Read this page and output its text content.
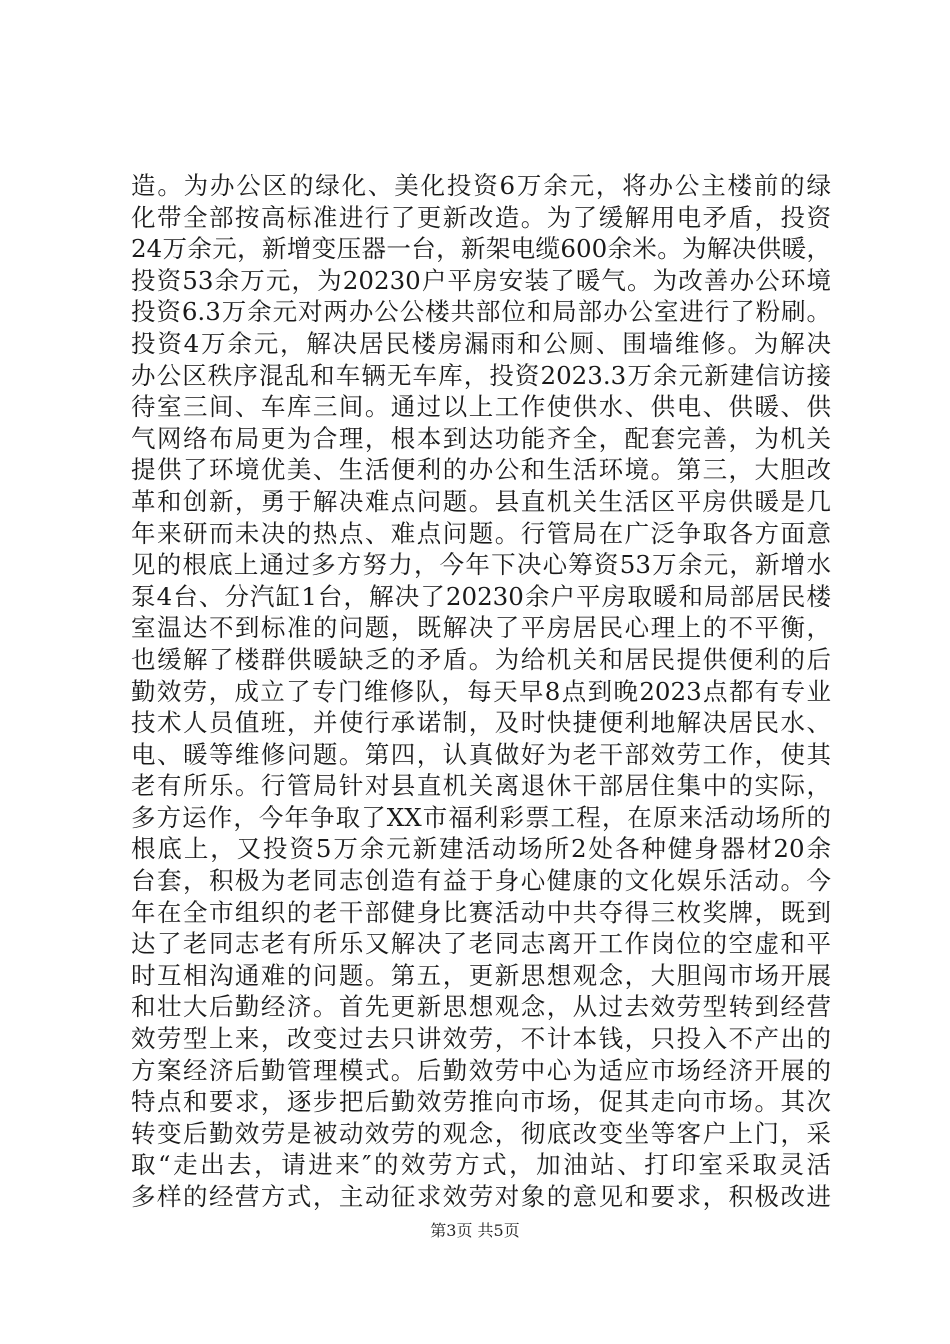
造。为办公区的绿化、美化投资6万余元，将办公主楼前的绿
化带全部按高标准进行了更新改造。为了缓解用电矛盾，投资
24万余元，新增变压器一台，新架电缆600余米。为解决供暖，
投资53余万元，为20230户平房安装了暖气。为改善办公环境
投资6.3万余元对两办公公楼共部位和局部办公室进行了粉刷。
投资4万余元，解决居民楼房漏雨和公厕、围墙维修。为解决
办公区秩序混乱和车辆无车库，投资2023.3万余元新建信访接
待室三间、车库三间。通过以上工作使供水、供电、供暖、供
气网络布局更为合理，根本到达功能齐全，配套完善，为机关
提供了环境优美、生活便利的办公和生活环境。第三，大胆改
革和创新，勇于解决难点问题。县直机关生活区平房供暖是几
年来研而未决的热点、难点问题。行管局在广泛争取各方面意
见的根底上通过多方努力，今年下决心筹资53万余元，新增水
泵4台、分汽缸1台，解决了20230余户平房取暖和局部居民楼
室温达不到标准的问题，既解决了平房居民心理上的不平衡，
也缓解了楼群供暖缺乏的矛盾。为给机关和居民提供便利的后
勤效劳，成立了专门维修队，每天早8点到晚2023点都有专业
技术人员值班，并使行承诺制，及时快捷便利地解决居民水、
电、暖等维修问题。第四，认真做好为老干部效劳工作，使其
老有所乐。行管局针对县直机关离退休干部居住集中的实际，
多方运作，今年争取了XX市福利彩票工程，在原来活动场所的
根底上，又投资5万余元新建活动场所2处各种健身器材20余
台套，积极为老同志创造有益于身心健康的文化娱乐活动。今
年在全市组织的老干部健身比赛活动中共夺得三枚奖牌，既到
达了老同志老有所乐又解决了老同志离开工作岗位的空虚和平
时互相沟通难的问题。第五，更新思想观念，大胆闯市场开展
和壮大后勤经济。首先更新思想观念，从过去效劳型转到经营
效劳型上来，改变过去只讲效劳，不计本钱，只投入不产出的
方案经济后勤管理模式。后勤效劳中心为适应市场经济开展的
特点和要求，逐步把后勤效劳推向市场，促其走向市场。其次
转变后勤效劳是被动效劳的观念，彻底改变坐等客户上门，采
取“走出去，请进来″的效劳方式，加油站、打印室采取灵活
多样的经营方式，主动征求效劳对象的意见和要求，积极改进
第3页 共5页
